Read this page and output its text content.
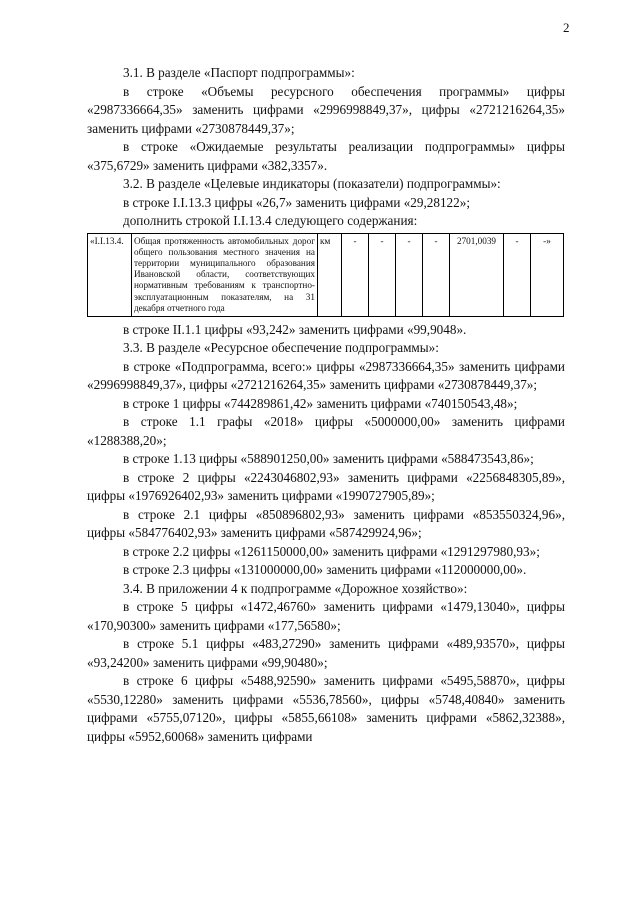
2

3.1. В разделе «Паспорт подпрограммы»:

в строке «Объемы ресурсного обеспечения программы» цифры «2987336664,35» заменить цифрами «2996998849,37», цифры «2721216264,35» заменить цифрами «2730878449,37»;

в строке «Ожидаемые результаты реализации подпрограммы» цифры «375,6729» заменить цифрами «382,3357».

3.2. В разделе «Целевые индикаторы (показатели) подпрограммы»:

в строке I.I.13.3 цифры «26,7» заменить цифрами «29,28122»;

дополнить строкой I.I.13.4 следующего содержания:

«I.I.13.4.	Общая протяженность автомобильных дорог общего пользования местного значения на территории муниципального образования Ивановской области, соответствующих нормативным требованиям к транспортно-эксплуатационным показателям, на 31 декабря отчетного года	км	-	-	-	-	2701,0039	-	-»

в строке II.1.1 цифры «93,242» заменить цифрами «99,9048».

3.3. В разделе «Ресурсное обеспечение подпрограммы»:

в строке «Подпрограмма, всего:» цифры «2987336664,35» заменить цифрами «2996998849,37», цифры «2721216264,35» заменить цифрами «2730878449,37»;

в строке 1 цифры «744289861,42» заменить цифрами «740150543,48»;

в строке 1.1 графы «2018» цифры «5000000,00» заменить цифрами «1288388,20»;

в строке 1.13 цифры «588901250,00» заменить цифрами «588473543,86»;

в строке 2 цифры «2243046802,93» заменить цифрами «2256848305,89», цифры «1976926402,93» заменить цифрами «1990727905,89»;

в строке 2.1 цифры «850896802,93» заменить цифрами «853550324,96», цифры «584776402,93» заменить цифрами «587429924,96»;

в строке 2.2 цифры «1261150000,00» заменить цифрами «1291297980,93»;

в строке 2.3 цифры «131000000,00» заменить цифрами «112000000,00».

3.4. В приложении 4 к подпрограмме «Дорожное хозяйство»:

в строке 5 цифры «1472,46760» заменить цифрами «1479,13040», цифры «170,90300» заменить цифрами «177,56580»;

в строке 5.1 цифры «483,27290» заменить цифрами «489,93570», цифры «93,24200» заменить цифрами «99,90480»;

в строке 6 цифры «5488,92590» заменить цифрами «5495,58870», цифры «5530,12280» заменить цифрами «5536,78560», цифры «5748,40840» заменить цифрами «5755,07120», цифры «5855,66108» заменить цифрами «5862,32388», цифры «5952,60068» заменить цифрами
